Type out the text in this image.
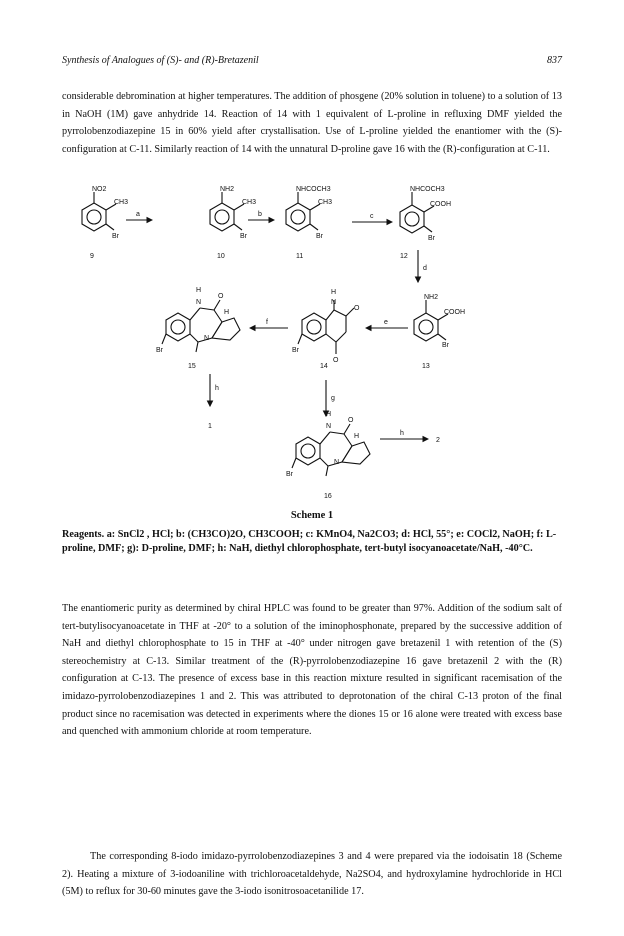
Synthesis of Analogues of (S)- and (R)-Bretazenil	837

considerable debromination at higher temperatures. The addition of phosgene (20% solution in toluene) to a solution of 13 in NaOH (1M) gave anhydride 14. Reaction of 14 with 1 equivalent of L-proline in refluxing DMF yielded the pyrrolobenzodiazepine 15 in 60% yield after crystallisation. Use of L-proline yielded the enantiomer with the (S)-configuration at C-11. Similarly reaction of 14 with the unnatural D-proline gave 16 with the (R)-configuration at C-11.

NO2
CH3
Br
9
a
NH2
CH3
Br
10
b
NHCOCH3
CH3
Br
11
c
NHCOCH3
COOH
Br
12
d
NH2
COOH
Br
13
e
H
N
O
O
Br
14
f
H
N
O
H
N
Br
15
h
g
1
H
N
O
H
N
Br
16
h
2
Scheme 1

Reagents. a: SnCl2 , HCl; b: (CH3CO)2O, CH3COOH; c: KMnO4, Na2CO3; d: HCl, 55°; e: COCl2, NaOH; f: L-proline, DMF; g): D-proline, DMF; h: NaH, diethyl chlorophosphate, tert-butyl isocyanoacetate/NaH, -40°C.

The enantiomeric purity as determined by chiral HPLC was found to be greater than 97%. Addition of the sodium salt of tert-butylisocyanoacetate in THF at -20° to a solution of the iminophosphonate, prepared by the successive addition of NaH and diethyl chlorophosphate to 15 in THF at -40° under nitrogen gave bretazenil 1 with retention of the (S) stereochemistry at C-13. Similar treatment of the (R)-pyrrolobenzodiazepine 16 gave bretazenil 2 with the (R) configuration at C-13. The presence of excess base in this reaction mixture resulted in significant racemisation of the imidazo-pyrrolobenzodiazepines 1 and 2. This was attributed to deprotonation of the chiral C-13 proton of the final product since no racemisation was detected in experiments where the diones 15 or 16 alone were treated with excess base and quenched with ammonium chloride at room temperature.

The corresponding 8-iodo imidazo-pyrrolobenzodiazepines 3 and 4 were prepared via the iodoisatin 18 (Scheme 2). Heating a mixture of 3-iodoaniline with trichloroacetaldehyde, Na2SO4, and hydroxylamine hydrochloride in HCl (5M) to reflux for 30-60 minutes gave the 3-iodo isonitrosoacetanilide 17.
